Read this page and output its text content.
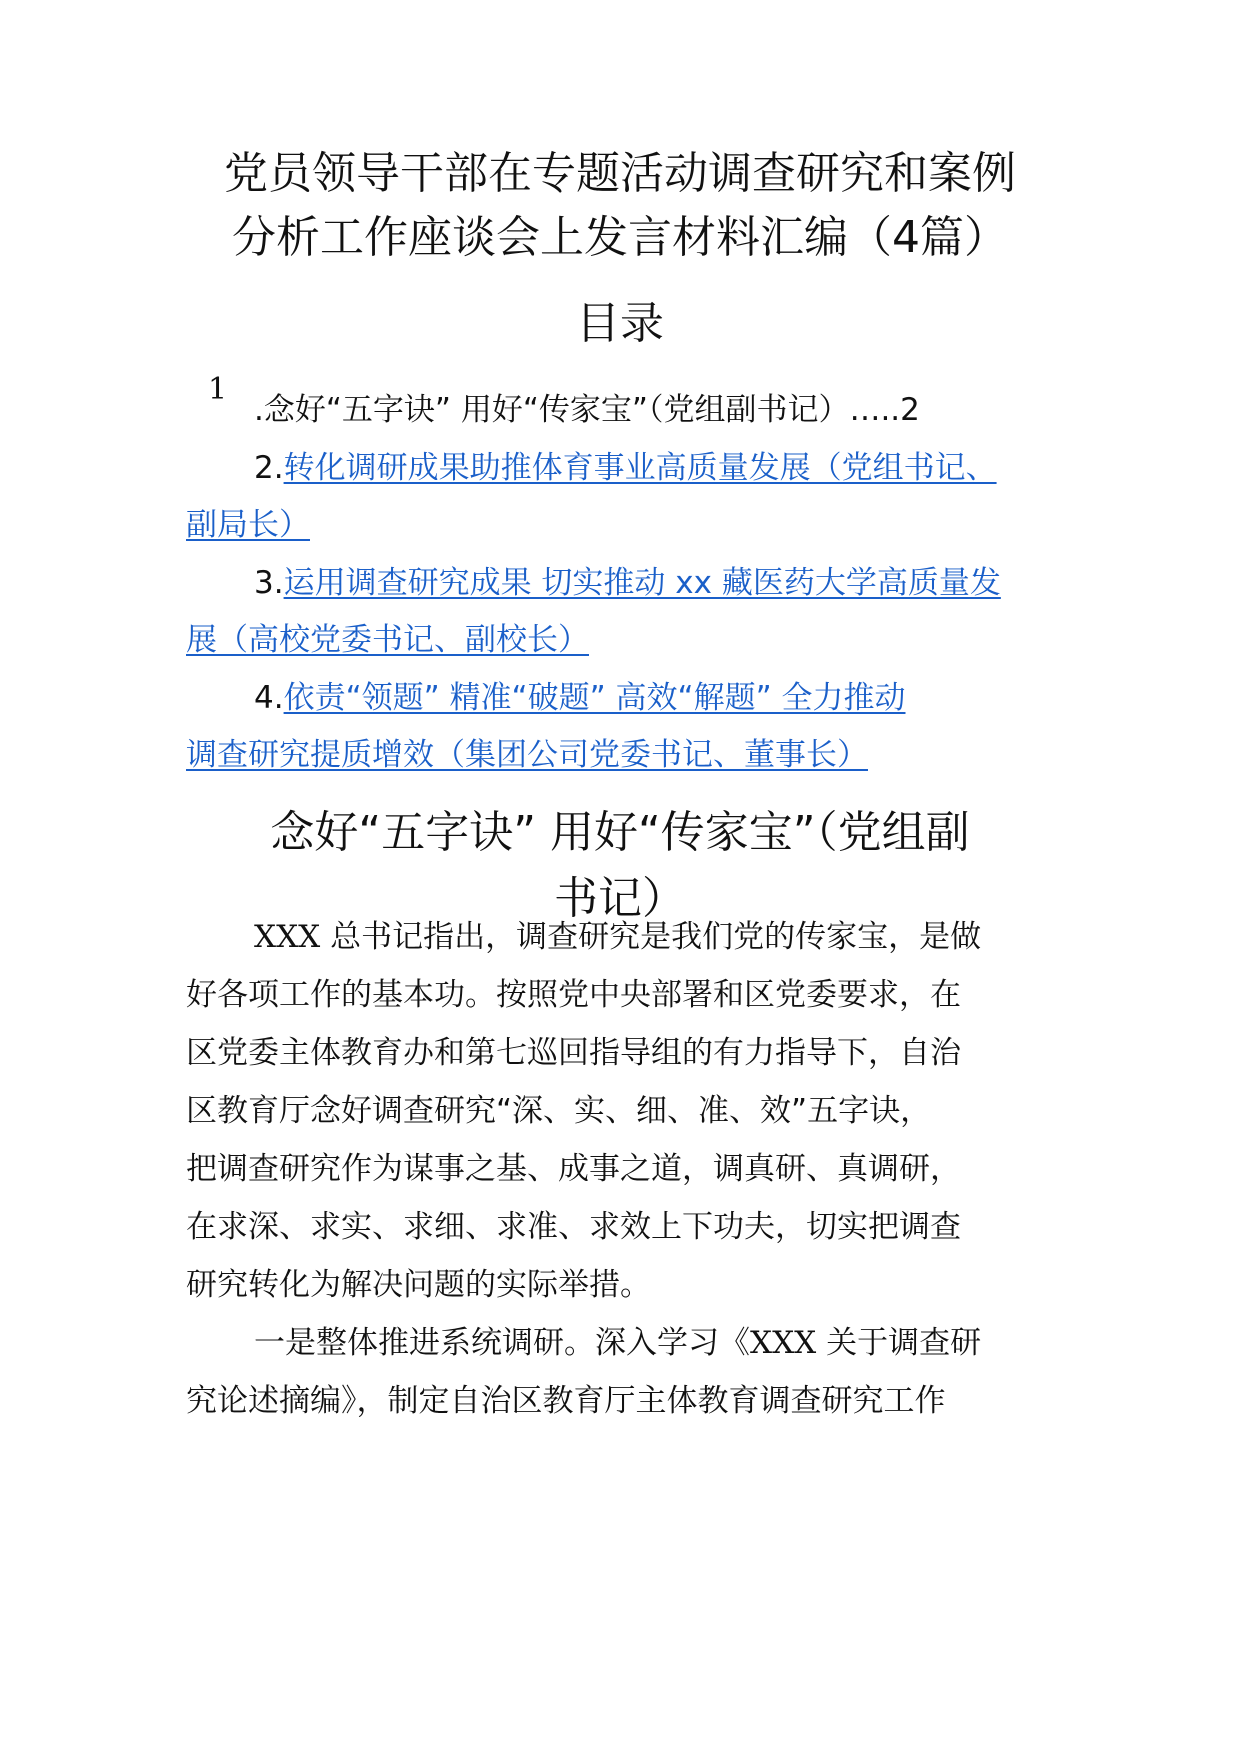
党员领导干部在专题活动调查研究和案例
分析工作座谈会上发言材料汇编（4篇）
目录
1
.念好“五字诀” 用好“传家宝”（党组副书记）…..2
2.转化调研成果助推体育事业高质量发展（党组书记、
副局长）
3.运用调查研究成果 切实推动 xx 藏医药大学高质量发
展（高校党委书记、副校长）
4.依责“领题” 精准“破题” 高效“解题” 全力推动
调查研究提质增效（集团公司党委书记、董事长）
念好“五字诀” 用好“传家宝”（党组副
书记）
XXX 总书记指出，调查研究是我们党的传家宝，是做
好各项工作的基本功。按照党中央部署和区党委要求，在
区党委主体教育办和第七巡回指导组的有力指导下，自治
区教育厅念好调查研究“深、实、细、准、效”五字诀，
把调查研究作为谋事之基、成事之道，调真研、真调研，
在求深、求实、求细、求准、求效上下功夫，切实把调查
研究转化为解决问题的实际举措。
一是整体推进系统调研。深入学习《XXX 关于调查研
究论述摘编》，制定自治区教育厅主体教育调查研究工作
